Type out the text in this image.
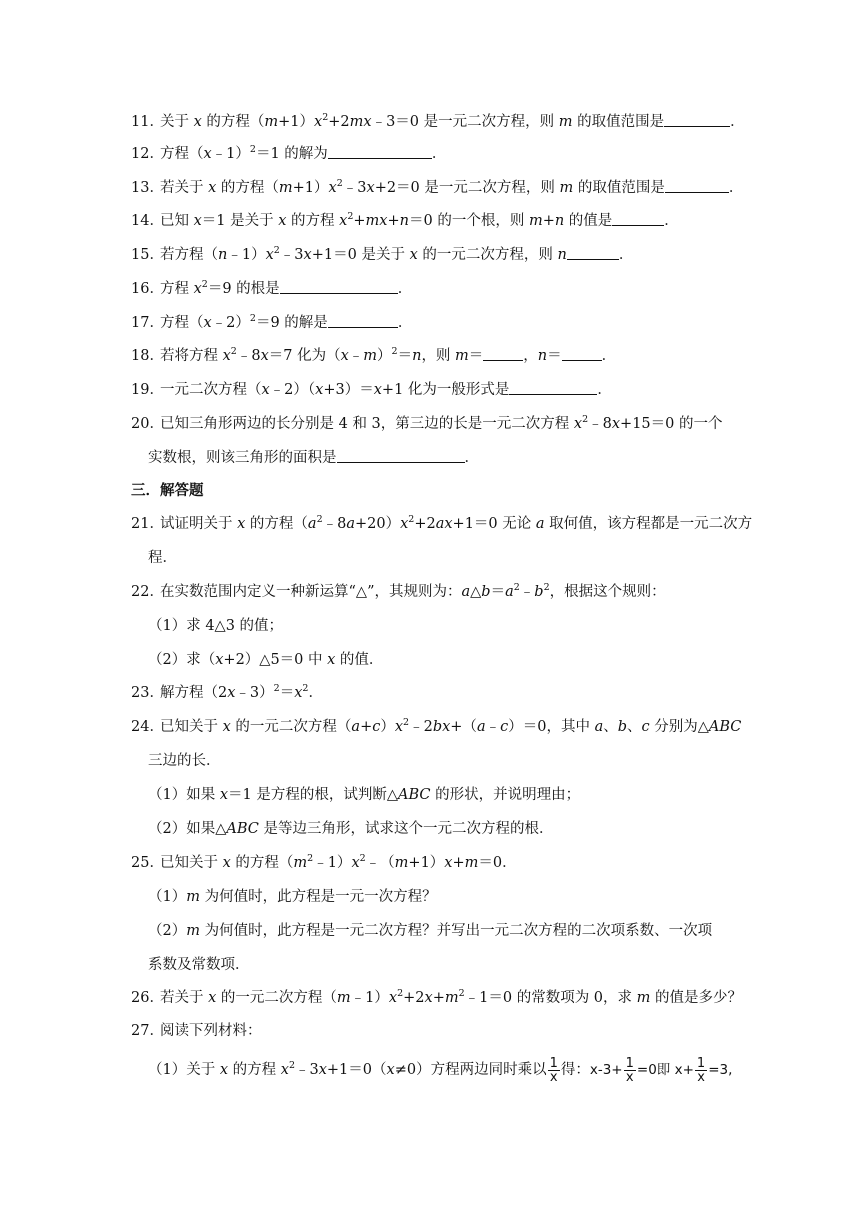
11．
关于 x 的方程$(m+1)x^2+2mx﹣3=0$ 是一元二次方程，则 m 的取值范围是	．
12．
方程（x﹣1）$^2$＝1 的解为	．
13．
若关于 x 的方程$(m+1)x^2﹣3x+2=0$ 是一元二次方程，则 m 的取值范围是	．
14．
已知 x＝1 是关于 x 的方程 $x^2+mx+n=0$ 的一个根，则 m+n 的值是	．
15．
若方程$(n﹣1)x^2﹣3x+1=0$ 是关于 x 的一元二次方程，则 n	．
16．
方程 $x^2=9$ 的根是	．
17．
方程（x﹣2）$^2$＝9 的解是	．
18．
若将方程 $x^2﹣8x=7$ 化为（x﹣m）$^2$＝n，则 m＝	，n＝	．
19．
一元二次方程（x﹣2）（x+3）＝x+1 化为一般形式是	．
20．
已知三角形两边的长分别是 4 和 3，第三边的长是一元二次方程 $x^2﹣8x+15=0$ 的一个
实数根，则该三角形的面积是	．
三．解答题
21．
试证明关于 x 的方程$(a^2﹣8a+20)x^2+2ax+1=0$ 无论 a 取何值，该方程都是一元二次方
程．
22．
在实数范围内定义一种新运算“△”，其规则为：$a\triangle b=a^2﹣b^2$，根据这个规则：
（1）求 4△3 的值；
（2）求（x+2）△5＝0 中 x 的值．
23．
解方程$(2x﹣3)^2=x^2$．
24．
已知关于 x 的一元二次方程$(a+c)x^2﹣2bx+(a﹣c)=0$，其中 a、b、c 分别为△ABC
三边的长．
（1）如果 x＝1 是方程的根，试判断△ABC 的形状，并说明理由；
（2）如果△ABC 是等边三角形，试求这个一元二次方程的根．
25．
已知关于 x 的方程$(m^2﹣1)x^2﹣(m+1)x+m=0$．
（1）m 为何值时，此方程是一元一次方程？
（2）m 为何值时，此方程是一元二次方程？并写出一元二次方程的二次项系数、一次项
系数及常数项．
26．
若关于 x 的一元二次方程$(m﹣1)x^2+2x+m^2﹣1=0$ 的常数项为 0，求 m 的值是多少？
27．
阅读下列材料：
（1）关于 x 的方程 $x^2﹣3x+1=0(x\ne 0)$方程两边同时乘以 $\frac{1}{x}$ 得：$x-3+ \frac{1}{x} =0$即 $x+ \frac{1}{x} =3$,
